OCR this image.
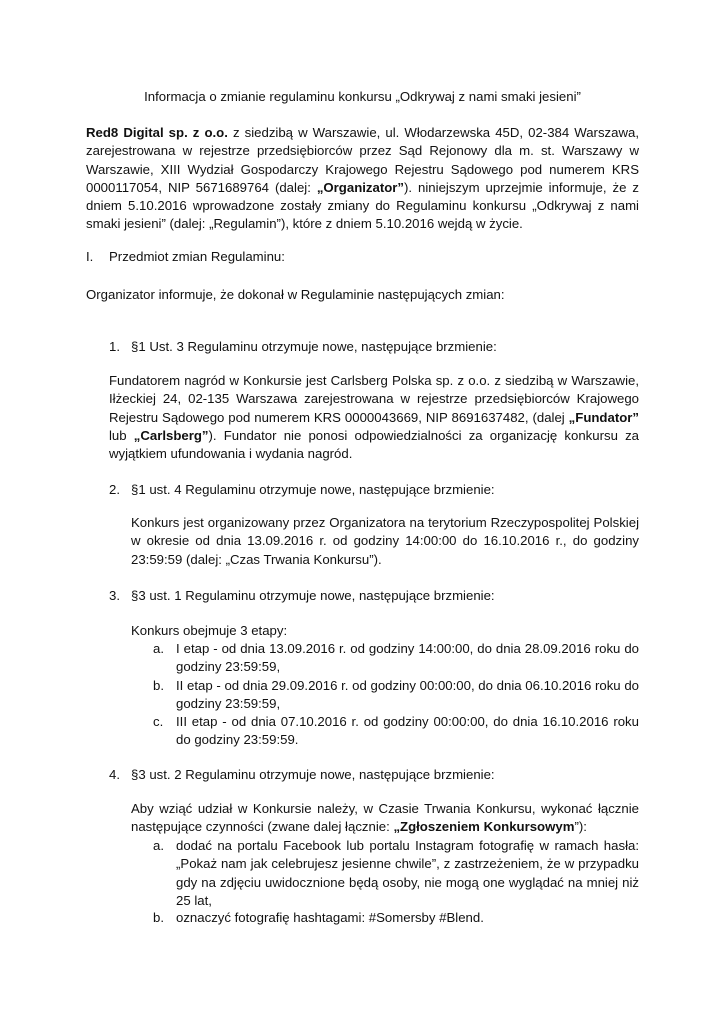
Informacja o zmianie regulaminu konkursu „Odkrywaj z nami smaki jesieni”

Red8 Digital sp. z o.o. z siedzibą w Warszawie, ul. Włodarzewska 45D, 02-384 Warszawa, zarejestrowana w rejestrze przedsiębiorców przez Sąd Rejonowy dla m. st. Warszawy w Warszawie, XIII Wydział Gospodarczy Krajowego Rejestru Sądowego pod numerem KRS 0000117054, NIP 5671689764 (dalej: „Organizator”). niniejszym uprzejmie informuje, że z dniem 5.10.2016 wprowadzone zostały zmiany do Regulaminu konkursu „Odkrywaj z nami smaki jesieni” (dalej: „Regulamin”), które z dniem 5.10.2016 wejdą w życie.

I. Przedmiot zmian Regulaminu:
Organizator informuje, że dokonał w Regulaminie następujących zmian:
1. §1 Ust. 3 Regulaminu otrzymuje nowe, następujące brzmienie:

Fundatorem nagród w Konkursie jest Carlsberg Polska sp. z o.o. z siedzibą w Warszawie, Iłżeckiej 24, 02-135 Warszawa zarejestrowana w rejestrze przedsiębiorców Krajowego Rejestru Sądowego pod numerem KRS 0000043669, NIP 8691637482, (dalej „Fundator” lub „Carlsberg”). Fundator nie ponosi odpowiedzialności za organizację konkursu za wyjątkiem ufundowania i wydania nagród.

2. §1 ust. 4 Regulaminu otrzymuje nowe, następujące brzmienie:

Konkurs jest organizowany przez Organizatora na terytorium Rzeczypospolitej Polskiej w okresie od dnia 13.09.2016 r. od godziny 14:00:00 do 16.10.2016 r., do godziny 23:59:59 (dalej: „Czas Trwania Konkursu”).

3. §3 ust. 1 Regulaminu otrzymuje nowe, następujące brzmienie:
Konkurs obejmuje 3 etapy:
a. I etap - od dnia 13.09.2016 r. od godziny 14:00:00, do dnia 28.09.2016 roku do godziny 23:59:59,
b. II etap - od dnia 29.09.2016 r. od godziny 00:00:00, do dnia 06.10.2016 roku do godziny 23:59:59,
c. III etap - od dnia 07.10.2016 r. od godziny 00:00:00, do dnia 16.10.2016 roku do godziny 23:59:59.
4. §3 ust. 2 Regulaminu otrzymuje nowe, następujące brzmienie:

Aby wziąć udział w Konkursie należy, w Czasie Trwania Konkursu, wykonać łącznie następujące czynności (zwane dalej łącznie: „Zgłoszeniem Konkursowym”):

a. dodać na portalu Facebook lub portalu Instagram fotografię w ramach hasła: „Pokaż nam jak celebrujesz jesienne chwile”, z zastrzeżeniem, że w przypadku gdy na zdjęciu uwidocznione będą osoby, nie mogą one wyglądać na mniej niż 25 lat,
b. oznaczyć fotografię hashtagami: #Somersby #Blend.
